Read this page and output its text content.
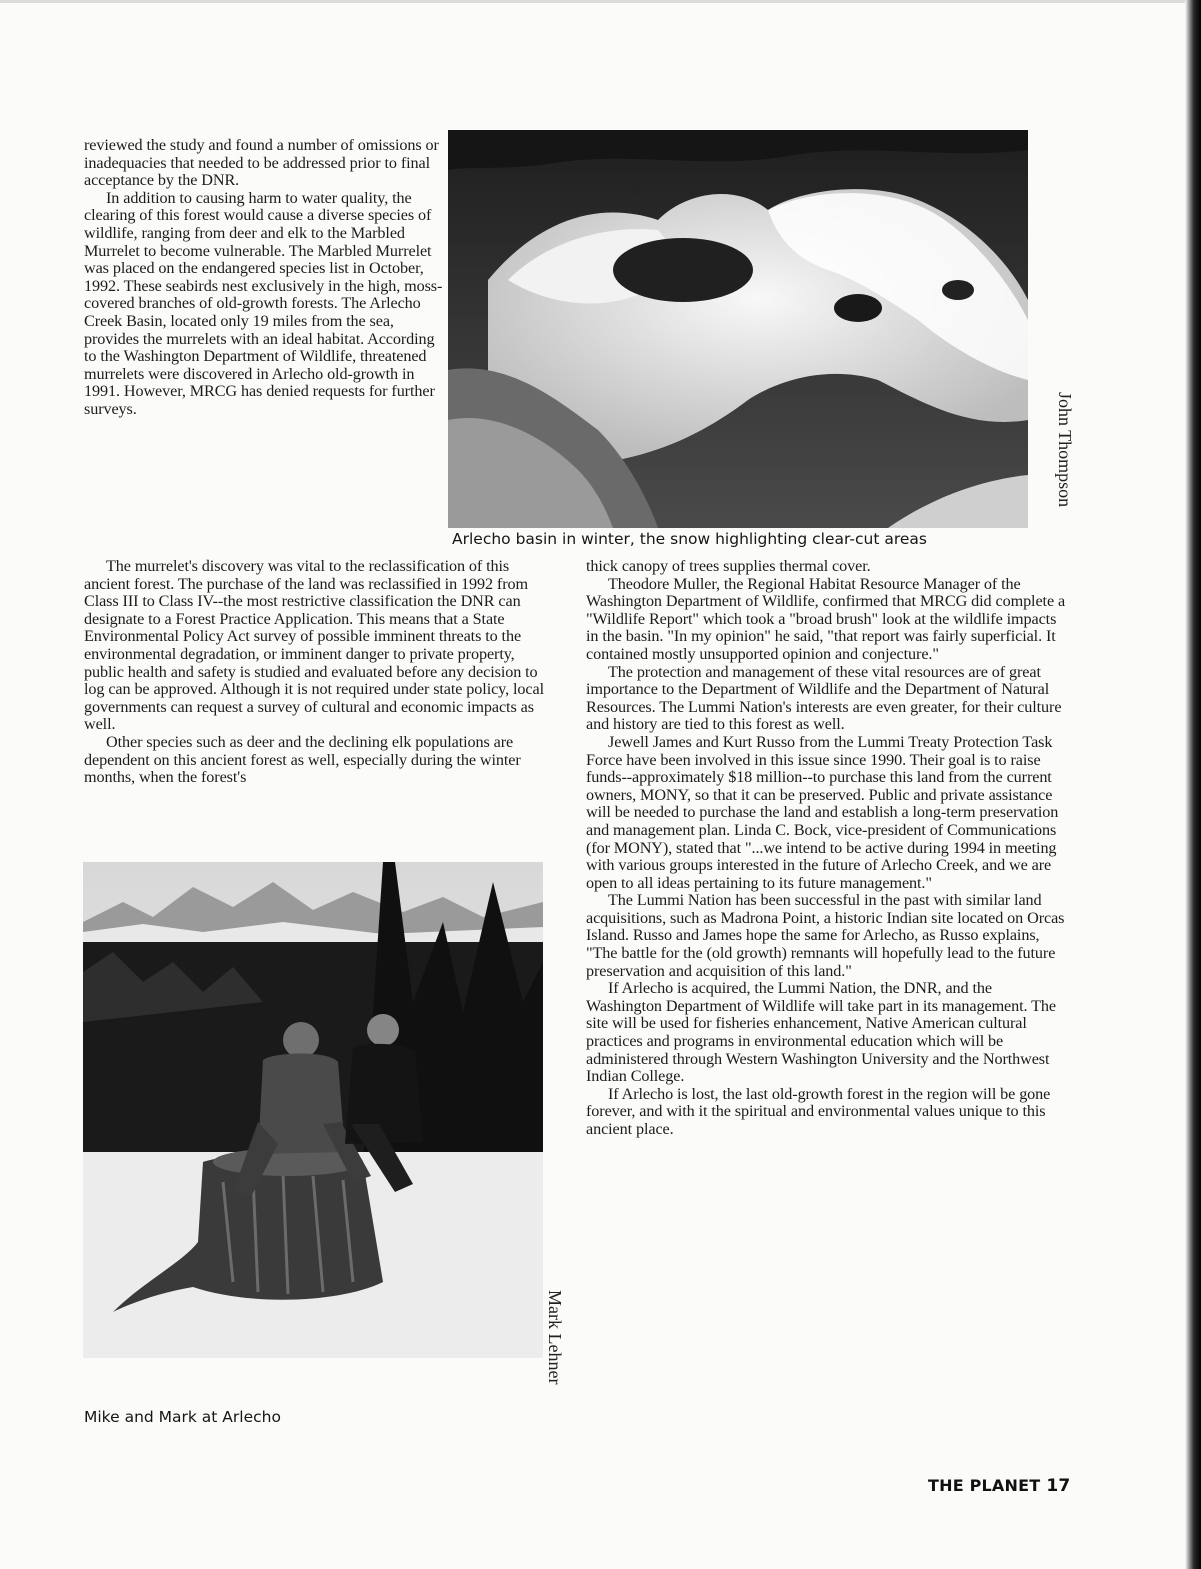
reviewed the study and found a number of omissions or inadequacies that needed to be addressed prior to final acceptance by the DNR.

In addition to causing harm to water quality, the clearing of this forest would cause a diverse species of wildlife, ranging from deer and elk to the Marbled Murrelet to become vulnerable. The Marbled Murrelet was placed on the endangered species list in October, 1992. These seabirds nest exclusively in the high, moss-covered branches of old-growth forests. The Arlecho Creek Basin, located only 19 miles from the sea, provides the murrelets with an ideal habitat. According to the Washington Department of Wildlife, threatened murrelets were discovered in Arlecho old-growth in 1991. However, MRCG has denied requests for further surveys.

Arlecho basin in winter, the snow highlighting clear-cut areas
John Thompson

The murrelet's discovery was vital to the reclassification of this ancient forest. The purchase of the land was reclassified in 1992 from Class III to Class IV--the most restrictive classification the DNR can designate to a Forest Practice Application. This means that a State Environmental Policy Act survey of possible imminent threats to the environmental degradation, or imminent danger to private property, public health and safety is studied and evaluated before any decision to log can be approved. Although it is not required under state policy, local governments can request a survey of cultural and economic impacts as well.

Other species such as deer and the declining elk populations are dependent on this ancient forest as well, especially during the winter months, when the forest's

thick canopy of trees supplies thermal cover.

Theodore Muller, the Regional Habitat Resource Manager of the Washington Department of Wildlife, confirmed that MRCG did complete a "Wildlife Report" which took a "broad brush" look at the wildlife impacts in the basin. "In my opinion" he said, "that report was fairly superficial. It contained mostly unsupported opinion and conjecture."

The protection and management of these vital resources are of great importance to the Department of Wildlife and the Department of Natural Resources. The Lummi Nation's interests are even greater, for their culture and history are tied to this forest as well.

Jewell James and Kurt Russo from the Lummi Treaty Protection Task Force have been involved in this issue since 1990. Their goal is to raise funds--approximately $18 million--to purchase this land from the current owners, MONY, so that it can be preserved. Public and private assistance will be needed to purchase the land and establish a long-term preservation and management plan. Linda C. Bock, vice-president of Communications (for MONY), stated that "...we intend to be active during 1994 in meeting with various groups interested in the future of Arlecho Creek, and we are open to all ideas pertaining to its future management."

The Lummi Nation has been successful in the past with similar land acquisitions, such as Madrona Point, a historic Indian site located on Orcas Island. Russo and James hope the same for Arlecho, as Russo explains, "The battle for the (old growth) remnants will hopefully lead to the future preservation and acquisition of this land."

If Arlecho is acquired, the Lummi Nation, the DNR, and the Washington Department of Wildlife will take part in its management. The site will be used for fisheries enhancement, Native American cultural practices and programs in environmental education which will be administered through Western Washington University and the Northwest Indian College.

If Arlecho is lost, the last old-growth forest in the region will be gone forever, and with it the spiritual and environmental values unique to this ancient place.

Mike and Mark at Arlecho
Mark Lehner
THE PLANET 17
